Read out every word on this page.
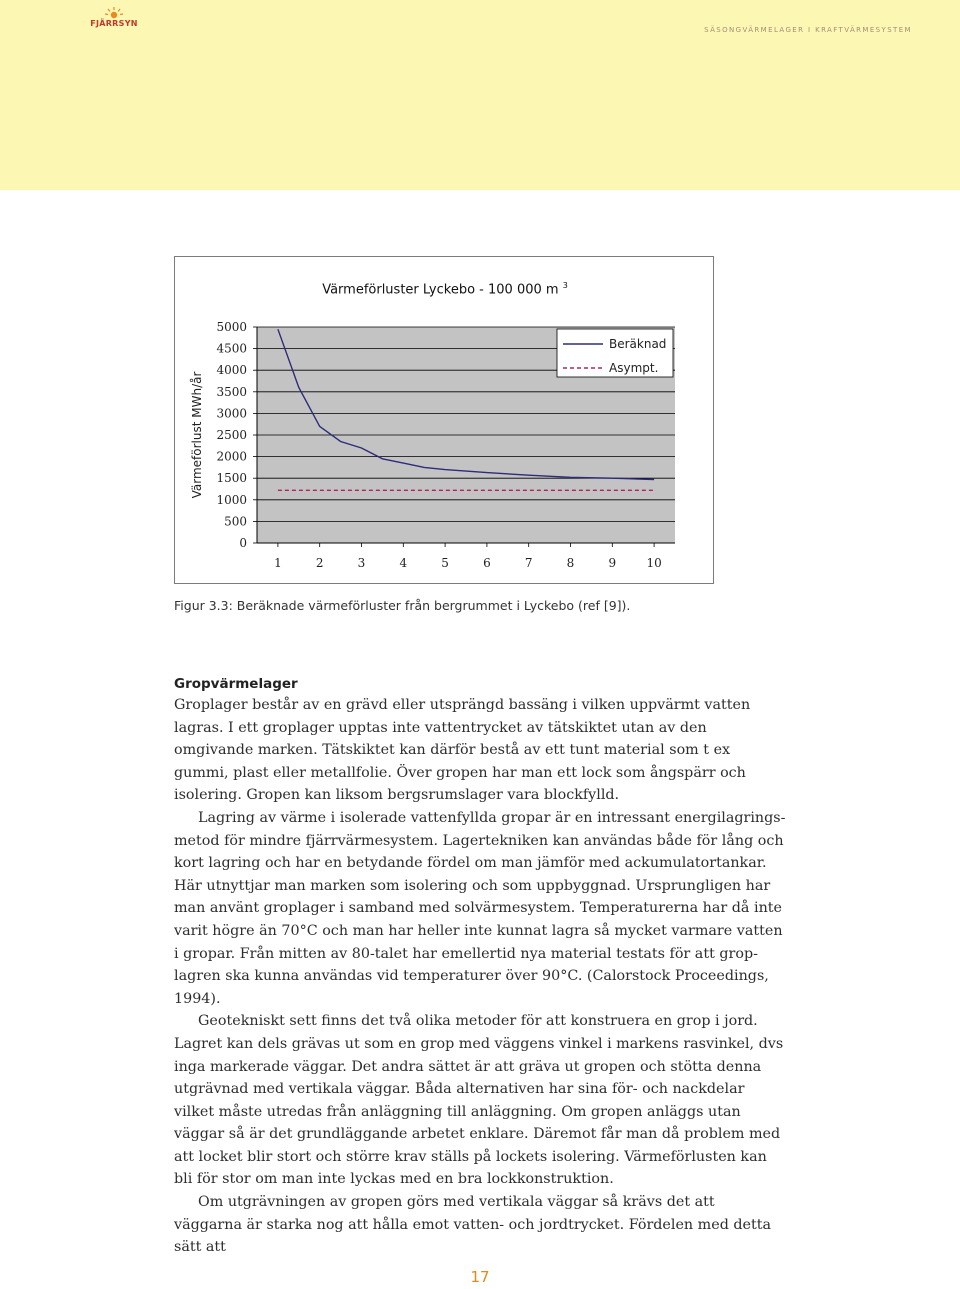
FJÄRRSYN
SÄSONGVÄRMELAGER I KRAFTVÄRMESYSTEM
Värmeförluster Lyckebo - 100 000 m $^3$
5000
4500
4000
3500
3000
2500
2000
1500
1000
500
0
1	2	3	4	5	6	7	8	9	10
Värmeförlust MWh/år
Beräknad
Asympt.
Figur 3.3: Beräknade värmeförluster från bergrummet i Lyckebo (ref [9]).
Gropvärmelager

Groplager består av en grävd eller utsprängd bassäng i vilken uppvärmt vatten lagras. I ett groplager upptas inte vattentrycket av tätskiktet utan av den omgivande marken. Tätskiktet kan därför bestå av ett tunt material som t ex gummi, plast eller metallfolie. Över gropen har man ett lock som ångspärr och isolering. Gropen kan liksom bergsrumslager vara blockfylld.

Lagring av värme i isolerade vattenfyllda gropar är en intressant energilagringsmetod för mindre fjärrvärmesystem. Lagertekniken kan användas både för lång och kort lagring och har en betydande fördel om man jämför med ackumulatortankar. Här utnyttjar man marken som isolering och som uppbyggnad. Ursprungligen har man använt groplager i samband med solvärmesystem. Temperaturerna har då inte varit högre än 70°C och man har heller inte kunnat lagra så mycket varmare vatten i gropar. Från mitten av 80-talet har emellertid nya material testats för att groplagren ska kunna användas vid temperaturer över 90°C. (Calorstock Proceedings, 1994).

Geotekniskt sett finns det två olika metoder för att konstruera en grop i jord. Lagret kan dels grävas ut som en grop med väggens vinkel i markens rasvinkel, dvs inga markerade väggar. Det andra sättet är att gräva ut gropen och stötta denna utgrävnad med vertikala väggar. Båda alternativen har sina för- och nackdelar vilket måste utredas från anläggning till anläggning. Om gropen anläggs utan väggar så är det grundläggande arbetet enklare. Däremot får man då problem med att locket blir stort och större krav ställs på lockets isolering. Värmeförlusten kan bli för stor om man inte lyckas med en bra lockkonstruktion.

Om utgrävningen av gropen görs med vertikala väggar så krävs det att väggarna är starka nog att hålla emot vatten- och jordtrycket. Fördelen med detta sätt att

17
